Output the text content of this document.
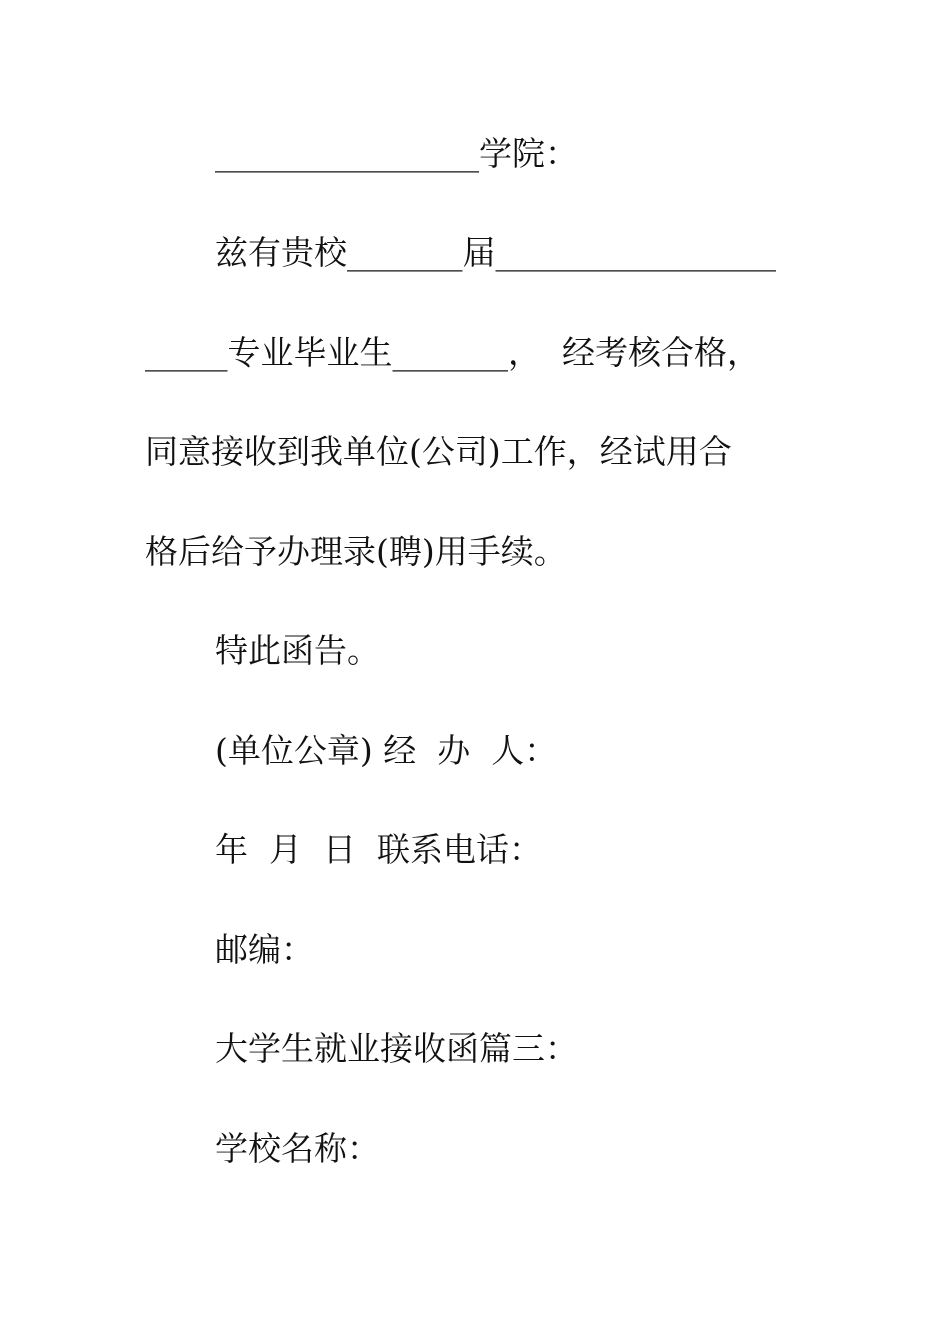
________________学院：
兹有贵校_______届_________________
_____专业毕业生_______，  经考核合格，
同意接收到我单位(公司)工作，经试用合
格后给予办理录(聘)用手续。
特此函告。
(单位公章) 经  办  人：
年  月  日  联系电话：
邮编：
大学生就业接收函篇三：
学校名称：
